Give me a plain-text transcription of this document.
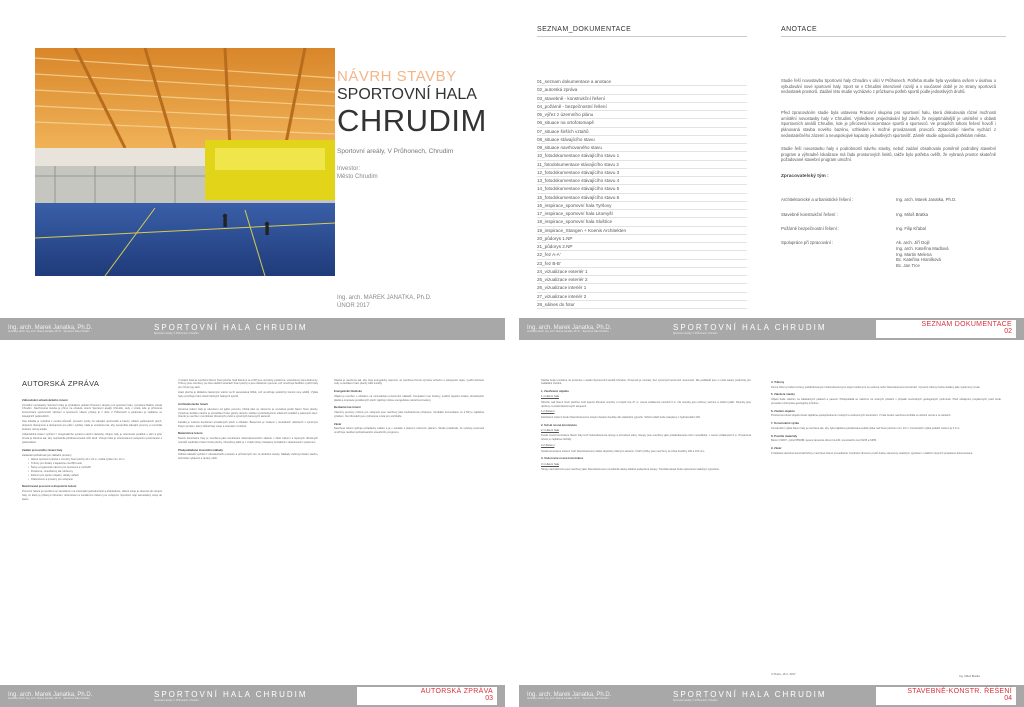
NÁVRH STAVBY
SPORTOVNÍ HALA
CHRUDIM
Sportovní areály, V Průhonech, Chrudim
Investor:
Město Chrudim
Ing. arch. MAREK JANATKA, Ph.D.
ÚNOR 2017
Ing. arch. Marek Janatka, Ph.D.
Autorský návrh: Ing. arch. Marek Janatka, Ph.D. · Sportovní hala Chrudim	SPORTOVNÍ HALA CHRUDIM
Sportovní areály, V Průhonech, Chrudim
SEZNAM_DOKUMENTACE	ANOTACE
01_seznam dokumentace a anotace
02_autorská zpráva
03_stavebně - konstrukční řešení
04_požárně - bezpečnostní řešení
05_výřez z územního plánu
06_situace na ortofotomapě
07_situace širších vztahů
08_situace stávajícího stavu
09_situace navrhovaného stavu
10_fotodokumentace stávajícího stavu 1
11_fotodokumentace stávajícího stavu 2
12_fotodokumentace stávajícího stavu 3
13_fotodokumentace stávajícího stavu 4
14_fotodokumentace stávajícího stavu 5
15_fotodokumentace stávajícího stavu 6
16_inspirace_sportovní hala Tyršovy
17_inspirace_sportovní hala Litomyšl
18_inspirace_sportovní hala Sluštíce
19_inspirace_Stangen + Koenis Architekten
20_půdorys 1.NP
21_půdorys 2.NP
22_řez A-A'
23_řez B-B'
24_vizualizace exteriér 1
25_vizualizace exteriér 2
26_vizualizace interiér 1
27_vizualizace interiér 2
28_sálnes do fotur
Studie řeší novostavbu Sportovní haly Chrudim v ulici V Průhonech. Potřeba studie byla vyvolána ovšem v úvahou o vybudování nové sportovní haly. Sport se v Chrudimi intenzivně rozvíjí a v současné době je ze strany sportovců nedostatek prostorů. Zadání této studie vycházelo z průzkumu potřeb sportů podle jednotlivých druhů.
Před zpracováním studie byla ustavena Pracovní skupina pro sportovní halu, která diskutovala různé možnosti umístění novostavby haly v Chrudimi. Výsledkem projednávání byl závěr, že nejoptimálnější je umístění v oblasti Sportovních areálů Chrudim, kde je přirozená koncentrace sportů a sportovců. Ve prospěch tohoto řešení hovoří i plánovaná stavba nového bazénu, vzhledem k možné provázanosti provozů. Zpracování návrhu vychází z nedostatečného zázemí a neuspokojivé kapacity jednotlivých sportovišť. Záměr studie odpovídá potřebám města.
Studie řeší novostavbu haly s podrobností návrhu stavby, neboť zadání obsahovalo poměrně podrobný stavební program a výhradně lokalizace má řadu prostorových limitů, takže bylo potřeba ověřit, že vybraná prostor skutečně požadované stavební program umožní.
Zpracovatelský tým :
Architektonické a urbanistické řešení :	Ing. arch. Marek Janatka, Ph.D.
Stavebně konstrukční řešení :	Ing. Miloš Bratka
Požárně bezpečnostní řešení :	Ing. Filip Křabal
Spolupráce při zpracování :	Ak. arch. Jiří Dojil
Ing. arch. Kateřina Madlová
Ing. Martin Melena
Bc. Kateřina Hranilková
Bc. Jan Trce
Ing. arch. Marek Janatka, Ph.D.
Autorský návrh: Ing. arch. Marek Janatka, Ph.D. · Sportovní hala Chrudim	SPORTOVNÍ HALA CHRUDIM
Sportovní areály, V Průhonech, Chrudim
SEZNAM DOKUMENTACE
02
AUTORSKÁ ZPRÁVA
Zdůvodnění urbanistického řešení

Umístění novostavby Sportovní haly je výsledkem jednání Pracovní skupiny pro sportovní halu, vytvořené Radou města Chrudim. Navrhovaná stavba je přímo na obsluze území Sportovní areály Chrudim, tedy v místě, kde je přirozená koncentrace sportovních zařízení a sportovců. Hlavní přístup je z ulice V Průhonech a parkování je zajištěno ve stávajících parkovištích.

Tato lokalita je výhodná z mnoha důvodů: provozní vazby na stávající sportoviště a bazén, sdílení parkovacích ploch, dopravní dostupnost a dostupnost pro pěší i cyklisty. Hala je umístěna tak, aby nenarušila stávající provozy a umožnila budoucí rozvoj areálu.

Urbanistické řešení vychází z ortogonálního systému okolní zástavby. Objem haly je orientován podélně s ulicí a jeho hmota je členěna tak, aby nepůsobila předimenzovaně vůči okolí. Vstupní část je orientována k veřejnému prostranství s parkovištěm.

Zadání provozního řešení haly

Zadavatel požadoval tyto základní prostory:

• Hlavní sportovní plocha s rozměry hrací plochy 44 x 24 m, světlá výška min. 10 m
• Tribuny pro diváky s kapacitou cca 800 osob
• Šatny a hygienické zázemí pro sportovce a rozhodčí
• Posilovna, víceúčelový sál, klubovny
• Zázemí pro správu objektu, sklady nářadí
• Občerstvení a prostory pro veřejnost
Navrhované provozní a dispoziční řešení

Provozní řešení je navrženo se zaměřením na maximální jednoduchost a přehlednost. Hlavní vstup je situován do vstupní haly, ze které je přístup k tribunám, občerstvení a sociálnímu zázemí pro veřejnost. Sportovci mají samostatný vstup do šaten.

V ostatní části je navržena hlavní hrací plocha. Nad šatnami ve 2.NP jsou umístěny posilovna, víceúčelový sál a klubovny. Tribuny jsou navrženy po obou delších stranách hrací plochy a jsou částečně výsuvné, což umožňuje flexibilní využití haly pro různé typy akcí.

Hrací plocha je dělitelná závěsnými sítěmi na tři samostatná hřiště, což umožňuje souběžný trénink více oddílů. Výška haly umožňuje hraní všech běžných halových sportů.

Architektonické řešení

Hmotové řešení haly je odvozeno od jejího provozu. Nízká část se zázemím je umístěna podél hlavní hrací plochy. Výraznou kvalitou návrhu je prosvětlení hrací plochy denním světlem prostřednictvím střešních světlíků a pásových oken. Interiér je navržen v kombinaci dřevěných prvků a výrazných barevných akcentů.

Fasáda je tvořena kombinací prosklených ploch a obkladu. Barevnost je zvolena v neutrálních odstínech s výrazným žlutým prvkem, který zdůrazňuje vstup a orientaci v budově.

Materiálové řešení

Nosná konstrukce haly je navržena jako kombinace železobetonového skeletu v části zázemí a lepených dřevěných nosníků zastřešení hlavní hrací plochy. Obvodový plášť je z vnější strany zateplený kontaktním zateplovacím systémem.

Předpokládané investiční náklady

Odhad nákladů vychází z obestavěného prostoru a průměrných cen za obdobné stavby. Náklady zahrnují vlastní stavbu, technické vybavení a úpravy okolí.

Stavba je navržena tak, aby byla energeticky úsporná. Je navržena řízená výměna vzduchu s rekuperací tepla, využití dešťové vody a osvětlení hrací plochy LED svítidly.

Energetické hledisko

Objekt je navržen s ohledem na minimalizaci provozních nákladů. Kompaktní tvar budovy, kvalitní tepelná izolace obvodového pláště a orientace prosklených ploch zajišťují nízkou energetickou náročnost budovy.

Bezbariérové řešení

Všechny prostory určené pro veřejnost jsou navrženy jako bezbariérově přístupné. Vertikální komunikace ve 2.NP je zajištěna výtahem. Na tribunách jsou vyhrazena místa pro vozíčkáře.

Závěr

Navržené řešení splňuje požadavky zadání a je v souladu s platným územním plánem. Studie prokázala, že vybraný pozemek umožňuje realizaci požadovaného stavebního programu.

Ing. arch. Marek Janatka, Ph.D.
Autorský návrh: Ing. arch. Marek Janatka, Ph.D. · Sportovní hala Chrudim	SPORTOVNÍ HALA CHRUDIM
Sportovní areály, V Průhonech, Chrudim
AUTORSKÁ ZPRÁVA
03

Stavba bude umístěna na pozemku v areálu Sportovních areálů Chrudim. Pozemek je rovinatý, bez výrazných terénních nerovností. Dle podkladů jsou v místě stavby podmínky pro zakládání vhodné.

1. Zastřešení objektu
1.1 Hlavní hala

Střechu nad hlavní hrací plochou tvoří lepené dřevěné nosníky o rozpětí cca 27 m, osová vzdálenost nosníků 6 m. Na nosníky jsou uloženy vaznice a střešní plášť. Nosníky jsou uloženy na železobetonových sloupech.

1.2 Zázemí

Zastřešení zázemí bude železobetonovou stropní deskou tloušťky dle statického výpočtu. Střešní plášť bude zateplený s hydroizolační fólií.

2. Svislé nosné konstrukce
2.1 Hlavní hala

Svislé nosné konstrukce hlavní haly tvoří železobetonové sloupy a obvodové stěny. Sloupy jsou navrženy jako prefabrikované nebo monolitické, v osové vzdálenosti 6 m. Prostorová tuhost je zajištěna ztužidly.

2.2 Zázemí

Svislé konstrukce zázemí tvoří železobetonový skelet doplněný zděnými stěnami. Vnitřní příčky jsou navrženy ze zdiva tloušťky 100 a 150 mm.

3. Vodorovné nosné konstrukce
3.1 Hlavní hala

Stropy nad zázemím jsou navrženy jako železobetonové monolitické desky lokálně podepřené sloupy. Tloušťka desek bude upřesněna statickým výpočtem.

4. Tribuny

Pevné tribuny budou tvořeny prefabrikovanými železobetonovými stupni uloženými na ocelové nebo železobetonové konstrukci. Výsuvné tribuny budou dodány jako systémový prvek.

5. Založení stavby

Objekt bude založen na základových patkách a pasech. Předpokládá se založení na vrtaných pilotách v případě nevhodných geologických podmínek. Před zahájením projektových prací bude proveden inženýrsko-geologický průzkum.

6. Ztužení objektu

Prostorová tuhost objektu bude zajištěna spolupůsobením svislých a vodorovných konstrukcí. V hale budou navržena ztužidla ve střešní rovině a ve stěnách.

7. Konstrukční výška

Konstrukční výška hlavní haly je navržena tak, aby byla zajištěna požadovaná světlá výška nad hrací plochou min. 10 m. Konstrukční výška podlaží zázemí je 3,9 m.

8. Použité materiály

Beton C30/37, výztuž B500B, lepené lamelové dřevo GL24h, konstrukční ocel S235 a S355.

9. Závěr

Z hlediska stavebně konstrukčního je navržené řešení proveditelné. Konkrétní dimenze prvků budou stanoveny statickým výpočtem v dalších stupních projektové dokumentace.

V Praze, 15.2. 2017	Ing. Miloš Bratka
Ing. arch. Marek Janatka, Ph.D.
Autorský návrh: Ing. arch. Marek Janatka, Ph.D. · Sportovní hala Chrudim	SPORTOVNÍ HALA CHRUDIM
Sportovní areály, V Průhonech, Chrudim
STAVEBNĚ-KONSTR. ŘEŠENÍ
04
